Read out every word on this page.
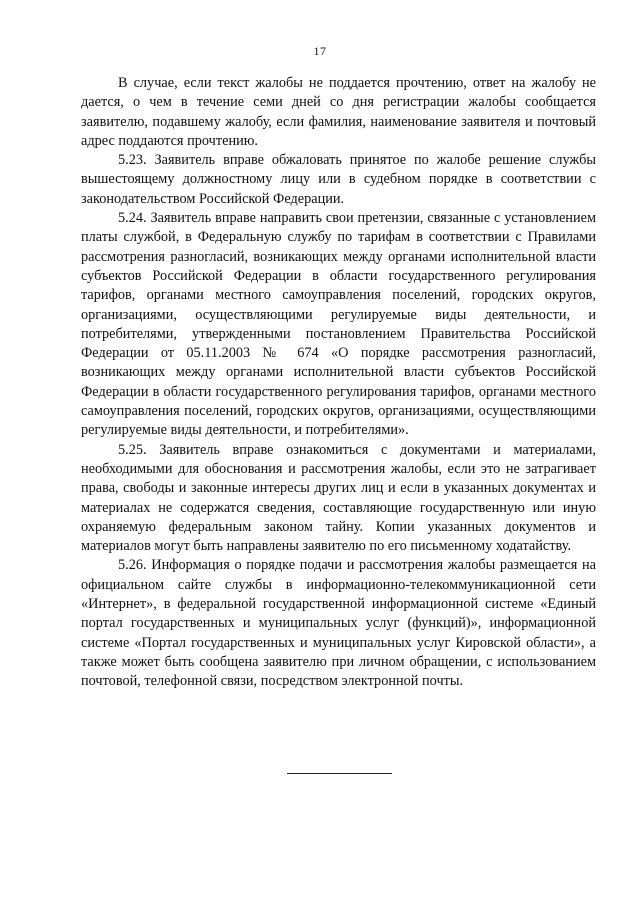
17

В случае, если текст жалобы не поддается прочтению, ответ на жалобу не дается, о чем в течение семи дней со дня регистрации жалобы сообщается заявителю, подавшему жалобу, если фамилия, наименование заявителя и почтовый адрес поддаются прочтению.

5.23. Заявитель вправе обжаловать принятое по жалобе решение службы вышестоящему должностному лицу или в судебном порядке в соответствии с законодательством Российской Федерации.

5.24. Заявитель вправе направить свои претензии, связанные с установлением платы службой, в Федеральную службу по тарифам в соответствии с Правилами рассмотрения разногласий, возникающих между органами исполнительной власти субъектов Российской Федерации в области государственного регулирования тарифов, органами местного самоуправления поселений, городских округов, организациями, осуществляющими регулируемые виды деятельности, и потребителями, утвержденными постановлением Правительства Российской Федерации от 05.11.2003 № 674 «О порядке рассмотрения разногласий, возникающих между органами исполнительной власти субъектов Российской Федерации в области государственного регулирования тарифов, органами местного самоуправления поселений, городских округов, организациями, осуществляющими регулируемые виды деятельности, и потребителями».

5.25. Заявитель вправе ознакомиться с документами и материалами, необходимыми для обоснования и рассмотрения жалобы, если это не затрагивает права, свободы и законные интересы других лиц и если в указанных документах и материалах не содержатся сведения, составляющие государственную или иную охраняемую федеральным законом тайну. Копии указанных документов и материалов могут быть направлены заявителю по его письменному ходатайству.

5.26. Информация о порядке подачи и рассмотрения жалобы размещается на официальном сайте службы в информационно-телекоммуникационной сети «Интернет», в федеральной государственной информационной системе «Единый портал государственных и муниципальных услуг (функций)», информационной системе «Портал государственных и муниципальных услуг Кировской области», а также может быть сообщена заявителю при личном обращении, с использованием почтовой, телефонной связи, посредством электронной почты.
